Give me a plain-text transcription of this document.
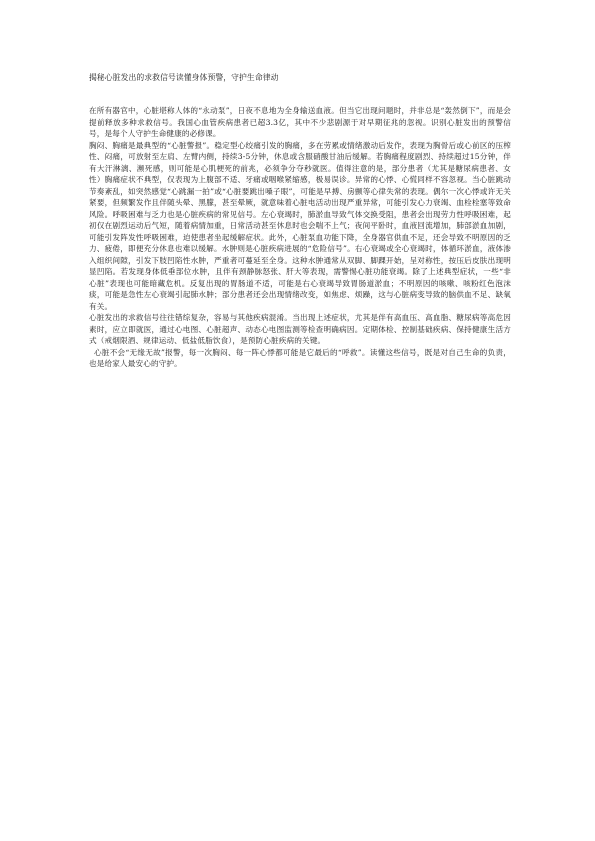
揭秘心脏发出的求救信号读懂身体预警，守护生命律动

在所有器官中，心脏堪称人体的“永动泵”，日夜不息地为全身输送血液。但当它出现问题时，并非总是“轰然倒下”，而是会提前释放多种求救信号。我国心血管疾病患者已超3.3亿，其中不少悲剧源于对早期征兆的忽视。识别心脏发出的预警信号，是每个人守护生命健康的必修课。

胸闷、胸痛是最典型的“心脏警报”。稳定型心绞痛引发的胸痛，多在劳累或情绪激动后发作，表现为胸骨后或心前区的压榨性、闷痛，可放射至左肩、左臂内侧，持续3-5分钟，休息或含服硝酸甘油后缓解。若胸痛程度剧烈、持续超过15分钟，伴有大汗淋漓、濒死感，则可能是心肌梗死的前兆，必须争分夺秒就医。值得注意的是，部分患者（尤其是糖尿病患者、女性）胸痛症状不典型，仅表现为上腹部不适、牙痛或咽喉紧缩感，极易误诊。异常的心悸、心慌同样不容忽视。当心脏跳动节奏紊乱，如突然感觉“心跳漏一拍”或“心脏要跳出嗓子眼”，可能是早搏、房颤等心律失常的表现。偶尔一次心悸或许无关紧要，但频繁发作且伴随头晕、黑朦，甚至晕厥，就意味着心脏电活动出现严重异常，可能引发心力衰竭、血栓栓塞等致命风险。呼吸困难与乏力也是心脏疾病的常见信号。左心衰竭时，肺淤血导致气体交换受阻，患者会出现劳力性呼吸困难，起初仅在剧烈运动后气短，随着病情加重，日常活动甚至休息时也会喘不上气；夜间平卧时，血液回流增加，肺部淤血加剧，可能引发阵发性呼吸困难，迫使患者坐起缓解症状。此外，心脏泵血功能下降，全身器官供血不足，还会导致不明原因的乏力、疲倦，即便充分休息也难以缓解。水肿则是心脏疾病进展的“危险信号”。右心衰竭或全心衰竭时，体循环淤血，液体渗入组织间隙，引发下肢凹陷性水肿，严重者可蔓延至全身。这种水肿通常从双脚、脚踝开始，呈对称性，按压后皮肤出现明显凹陷。若发现身体低垂部位水肿，且伴有颈静脉怒张、肝大等表现，需警惕心脏功能衰竭。除了上述典型症状，一些“非心脏”表现也可能暗藏危机。反复出现的胃肠道不适，可能是右心衰竭导致胃肠道淤血；不明原因的咳嗽、咳粉红色泡沫痰，可能是急性左心衰竭引起肺水肿；部分患者还会出现情绪改变，如焦虑、烦躁，这与心脏病变导致的脑供血不足、缺氧有关。

心脏发出的求救信号往往错综复杂，容易与其他疾病混淆。当出现上述症状，尤其是伴有高血压、高血脂、糖尿病等高危因素时，应立即就医，通过心电图、心脏超声、动态心电图监测等检查明确病因。定期体检、控制基础疾病、保持健康生活方式（戒烟限酒、规律运动、低盐低脂饮食），是预防心脏疾病的关键。

心脏不会“无缘无故”报警，每一次胸闷、每一阵心悸都可能是它最后的“呼救”。读懂这些信号，既是对自己生命的负责，也是给家人最安心的守护。
